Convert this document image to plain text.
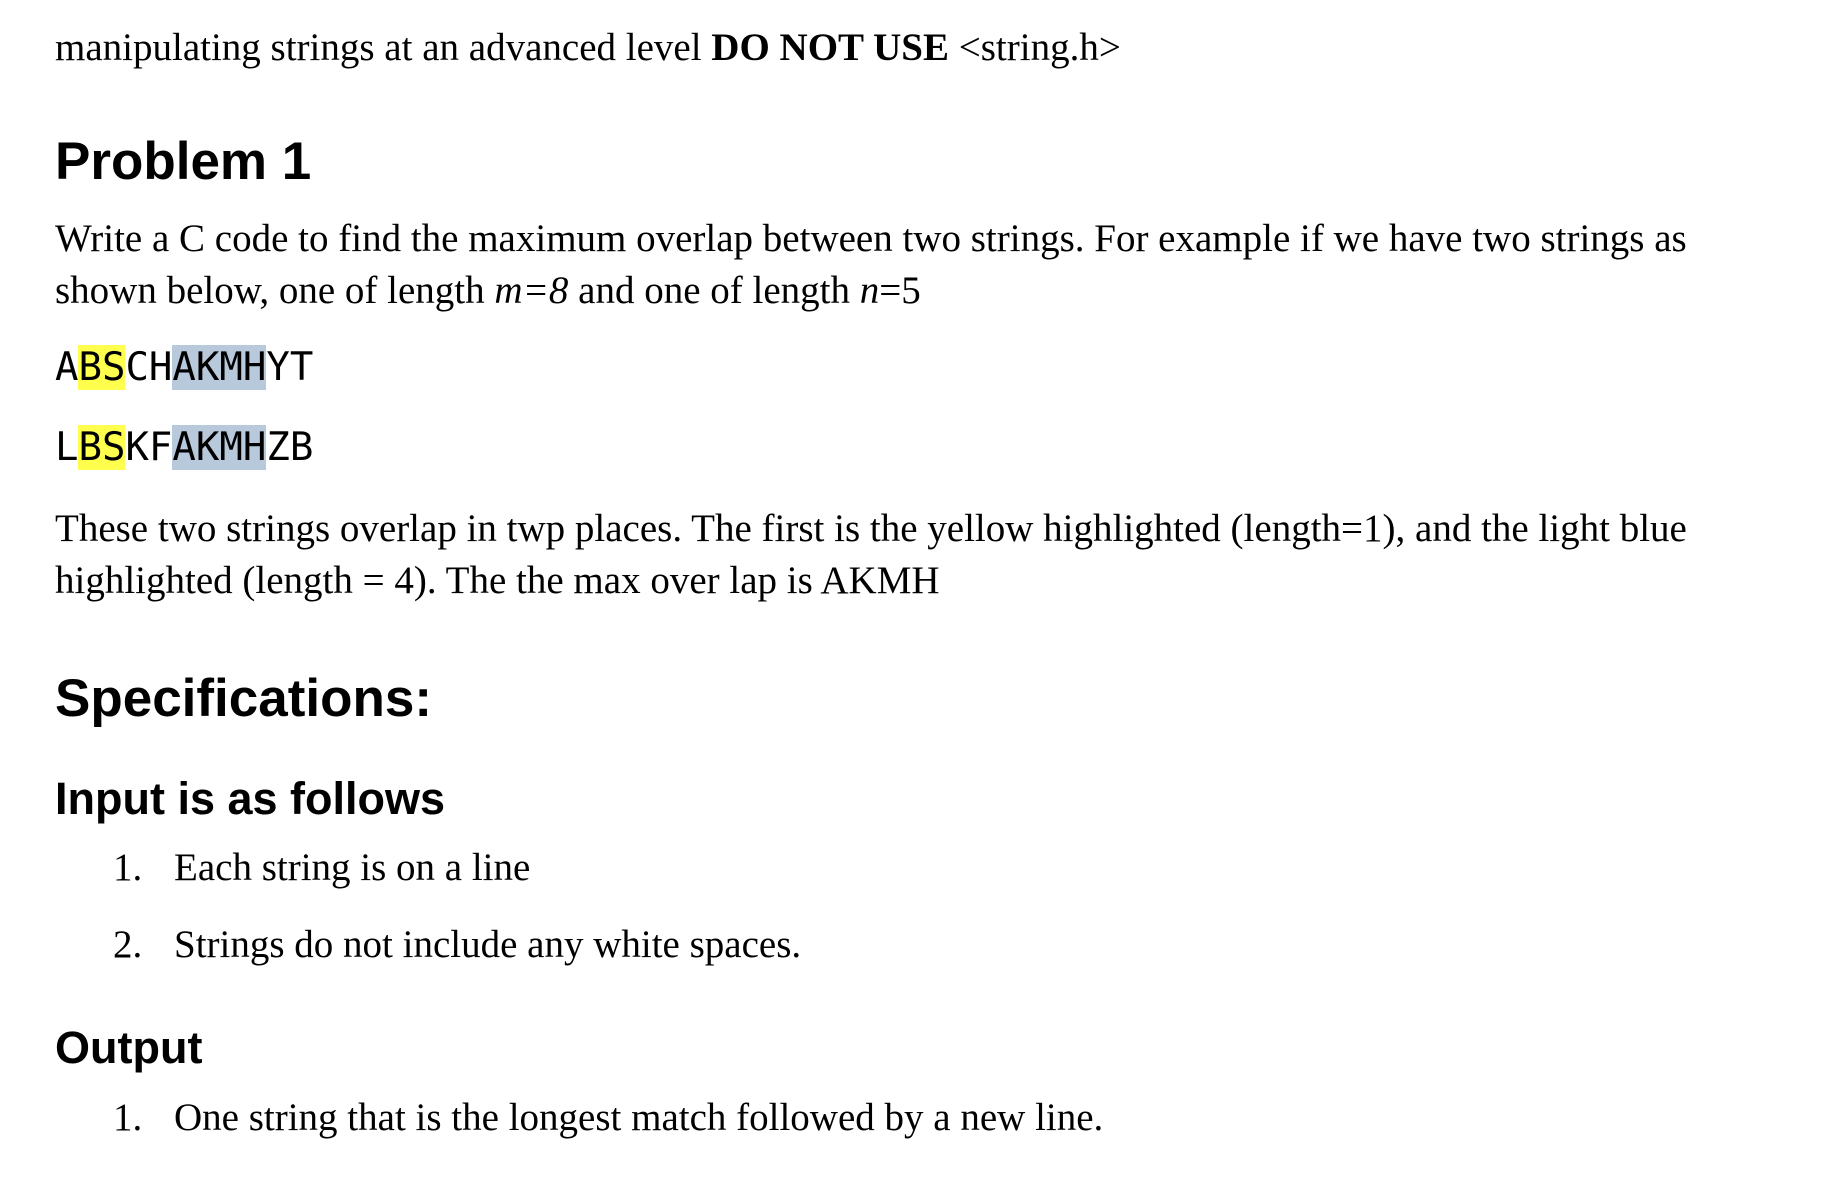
manipulating strings at an advanced level DO NOT USE <string.h>
Problem 1
Write a C code to find the maximum overlap between two strings. For example if we have two strings as shown below, one of length m=8 and one of length n=5
ABSCHAKMHYT
LBSKFAKMHZB
These two strings overlap in twp places. The first is the yellow highlighted (length=1), and the light blue highlighted (length = 4). The the max over lap is AKMH
Specifications:
Input is as follows
1. Each string is on a line
2. Strings do not include any white spaces.
Output
1. One string that is the longest match followed by a new line.
